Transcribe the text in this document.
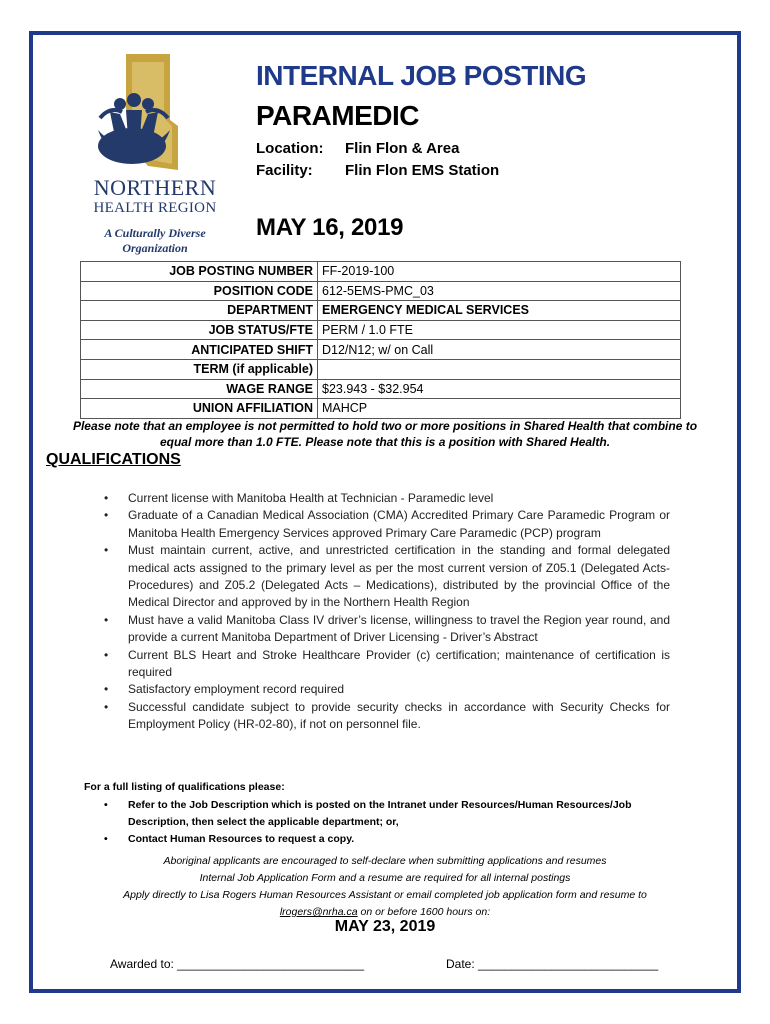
NORTHERN
HEALTH REGION
A Culturally Diverse
Organization
INTERNAL JOB POSTING
PARAMEDIC
Location: Flin Flon & Area
Facility: Flin Flon EMS Station
MAY 16, 2019
JOB POSTING NUMBER	FF-2019-100
POSITION CODE	612-5EMS-PMC_03
DEPARTMENT	EMERGENCY MEDICAL SERVICES
JOB STATUS/FTE	PERM / 1.0 FTE
ANTICIPATED SHIFT	D12/N12; w/ on Call
TERM (if applicable)	
WAGE RANGE	$23.943 - $32.954
UNION AFFILIATION	MAHCP
Please note that an employee is not permitted to hold two or more positions in Shared Health that combine to
equal more than 1.0 FTE. Please note that this is a position with Shared Health.
QUALIFICATIONS
• Current license with Manitoba Health at Technician - Paramedic level
• Graduate of a Canadian Medical Association (CMA) Accredited Primary Care Paramedic Program or Manitoba Health Emergency Services approved Primary Care Paramedic (PCP) program
• Must maintain current, active, and unrestricted certification in the standing and formal delegated medical acts assigned to the primary level as per the most current version of Z05.1 (Delegated Acts-Procedures) and Z05.2 (Delegated Acts – Medications), distributed by the provincial Office of the Medical Director and approved by in the Northern Health Region
• Must have a valid Manitoba Class IV driver’s license, willingness to travel the Region year round, and provide a current Manitoba Department of Driver Licensing - Driver’s Abstract
• Current BLS Heart and Stroke Healthcare Provider (c) certification; maintenance of certification is required
• Satisfactory employment record required
• Successful candidate subject to provide security checks in accordance with Security Checks for Employment Policy (HR-02-80), if not on personnel file.
For a full listing of qualifications please:
• Refer to the Job Description which is posted on the Intranet under Resources/Human Resources/Job Description, then select the applicable department; or,
• Contact Human Resources to request a copy.
Aboriginal applicants are encouraged to self-declare when submitting applications and resumes
Internal Job Application Form and a resume are required for all internal postings
Apply directly to Lisa Rogers Human Resources Assistant or email completed job application form and resume to
lrogers@nrha.ca on or before 1600 hours on:
MAY 23, 2019
Awarded to: ____________________________	Date: ___________________________
